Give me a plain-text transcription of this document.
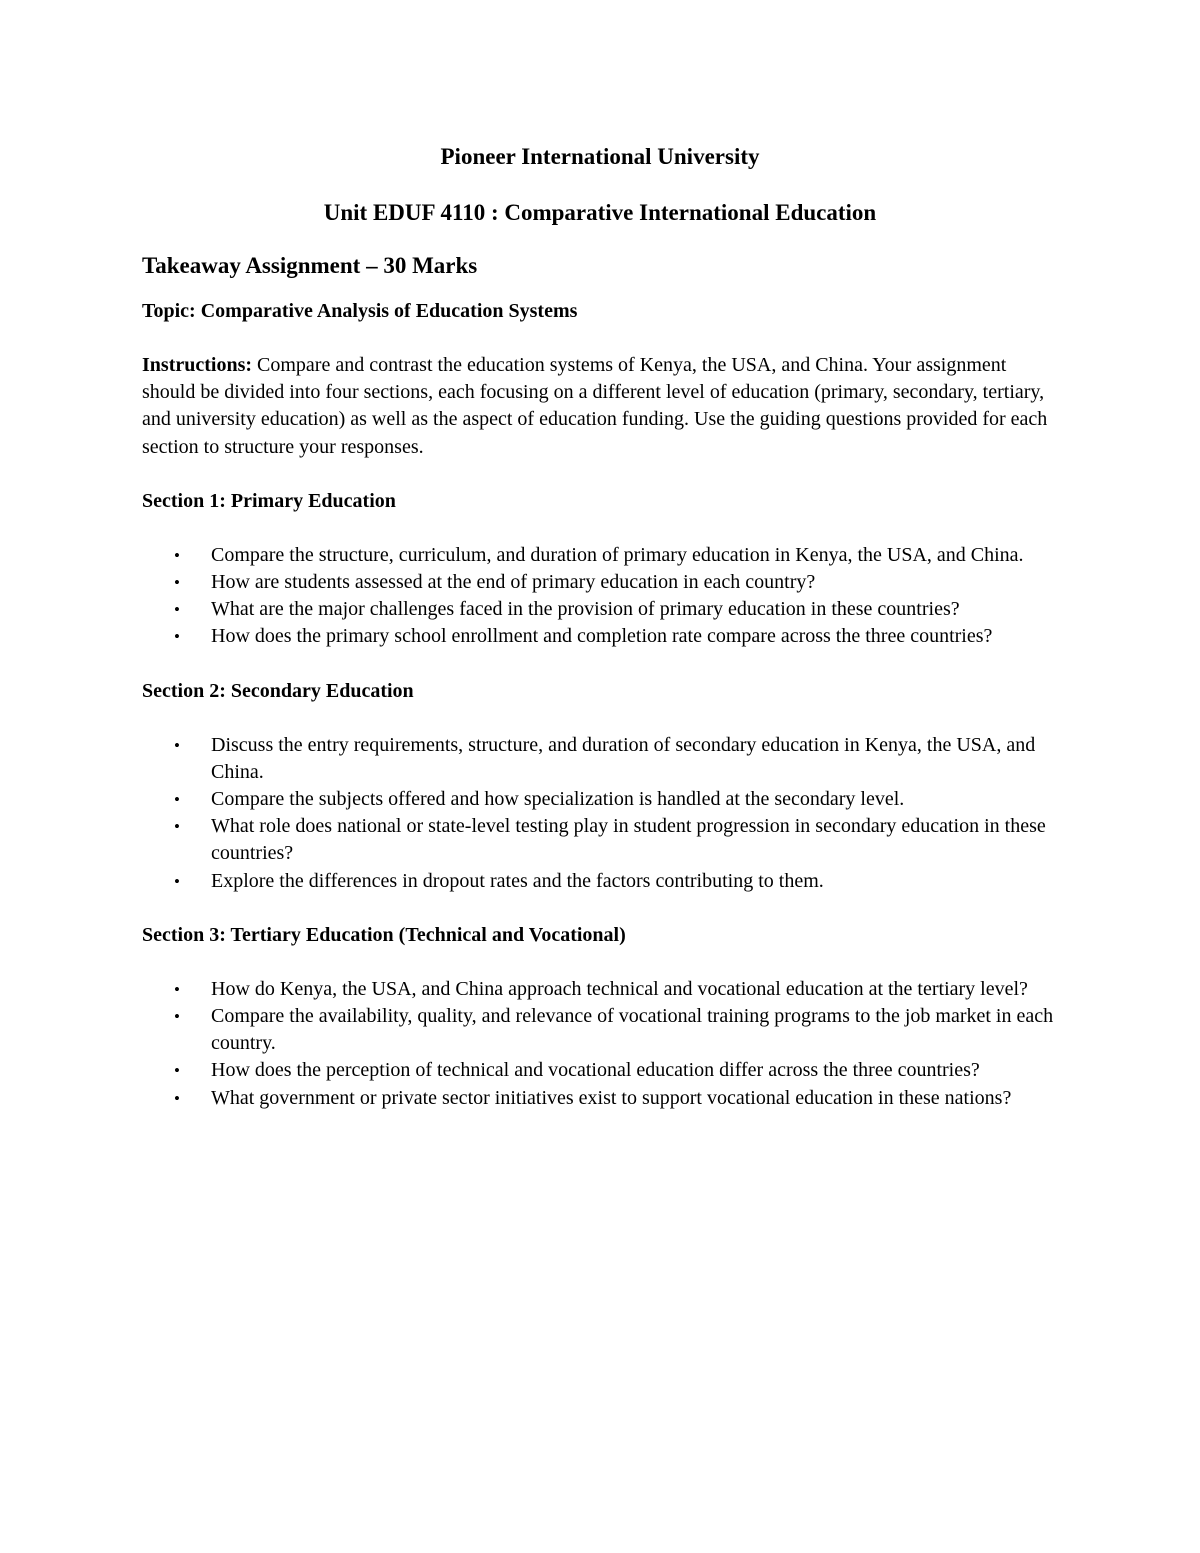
Pioneer International University

Unit EDUF 4110 : Comparative International Education

Takeaway Assignment – 30 Marks

Topic: Comparative Analysis of Education Systems

Instructions: Compare and contrast the education systems of Kenya, the USA, and China. Your assignment should be divided into four sections, each focusing on a different level of education (primary, secondary, tertiary, and university education) as well as the aspect of education funding. Use the guiding questions provided for each section to structure your responses.

Section 1: Primary Education

• Compare the structure, curriculum, and duration of primary education in Kenya, the USA, and China.
• How are students assessed at the end of primary education in each country?
• What are the major challenges faced in the provision of primary education in these countries?
• How does the primary school enrollment and completion rate compare across the three countries?

Section 2: Secondary Education

• Discuss the entry requirements, structure, and duration of secondary education in Kenya, the USA, and China.
• Compare the subjects offered and how specialization is handled at the secondary level.
• What role does national or state-level testing play in student progression in secondary education in these countries?
• Explore the differences in dropout rates and the factors contributing to them.

Section 3: Tertiary Education (Technical and Vocational)

• How do Kenya, the USA, and China approach technical and vocational education at the tertiary level?
• Compare the availability, quality, and relevance of vocational training programs to the job market in each country.
• How does the perception of technical and vocational education differ across the three countries?
• What government or private sector initiatives exist to support vocational education in these nations?
